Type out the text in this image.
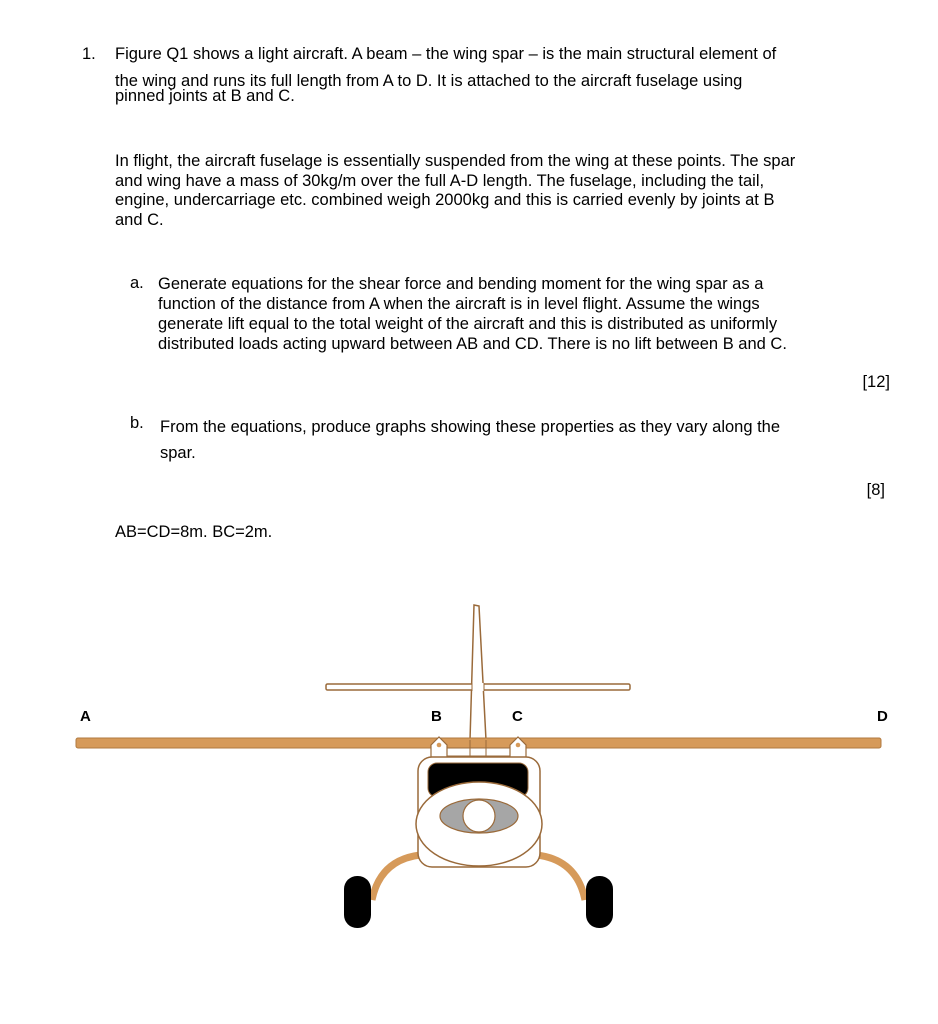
1. Figure Q1 shows a light aircraft. A beam – the wing spar – is the main structural element of
the wing and runs its full length from A to D. It is attached to the aircraft fuselage using
pinned joints at B and C.
In flight, the aircraft fuselage is essentially suspended from the wing at these points. The spar
and wing have a mass of 30kg/m over the full A-D length. The fuselage, including the tail,
engine, undercarriage etc. combined weigh 2000kg and this is carried evenly by joints at B
and C.
a. Generate equations for the shear force and bending moment for the wing spar as a
function of the distance from A when the aircraft is in level flight. Assume the wings
generate lift equal to the total weight of the aircraft and this is distributed as uniformly
distributed loads acting upward between AB and CD. There is no lift between B and C.
[12]
b. From the equations, produce graphs showing these properties as they vary along the
spar.
[8]
AB=CD=8m. BC=2m.
A	B	C	D
